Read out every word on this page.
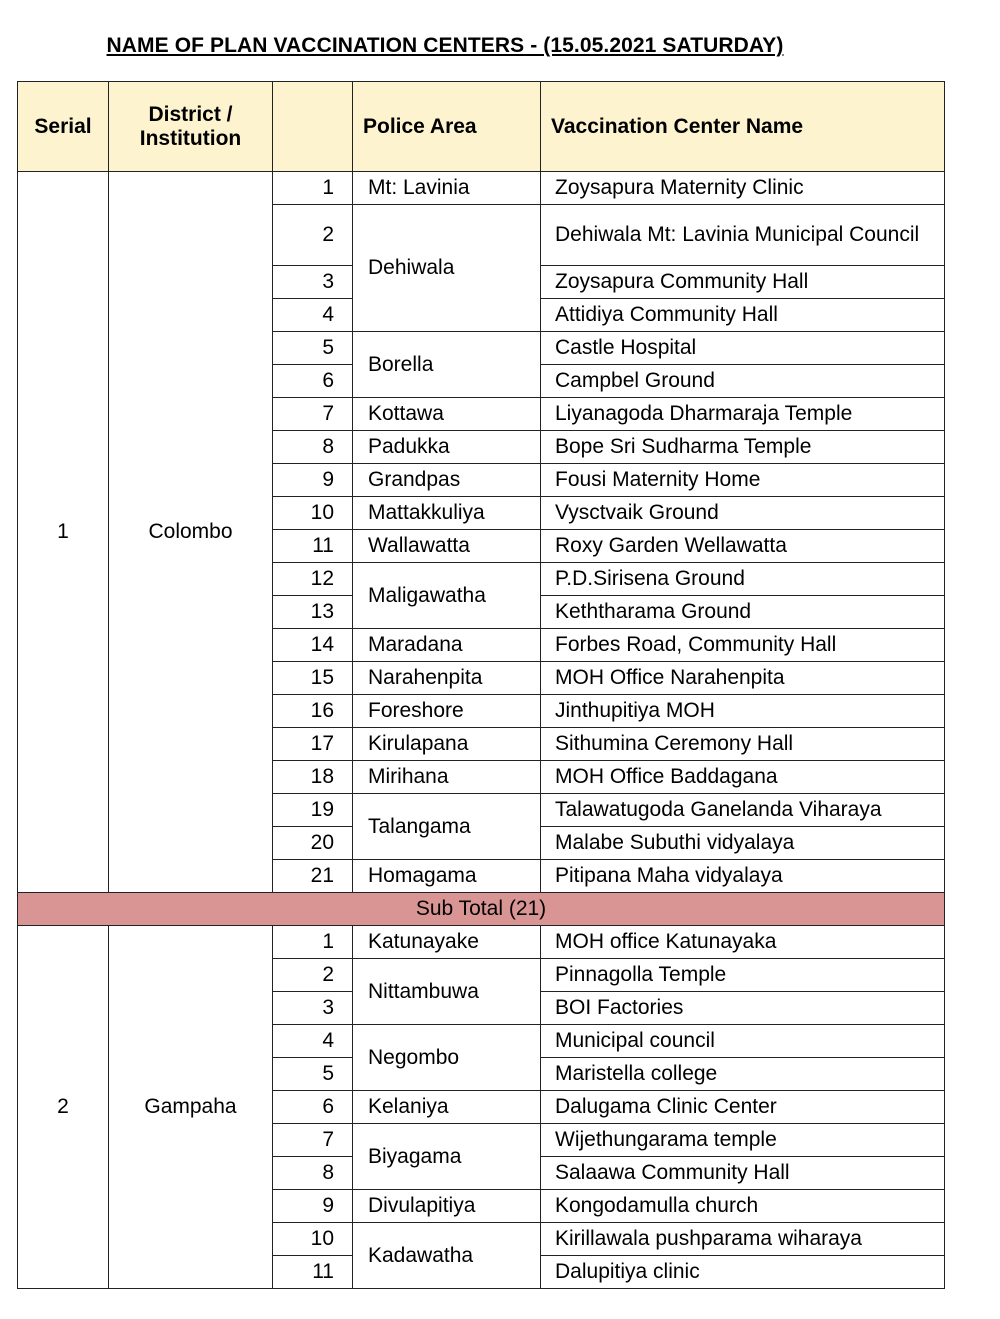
NAME OF PLAN VACCINATION CENTERS - (15.05.2021 SATURDAY)
Serial	District / Institution		Police Area	Vaccination Center Name
1	Colombo	1	Mt: Lavinia	Zoysapura Maternity Clinic
		2	Dehiwala	Dehiwala Mt: Lavinia Municipal Council
		3		Zoysapura Community Hall
		4		Attidiya Community Hall
		5	Borella	Castle Hospital
		6		Campbel Ground
		7	Kottawa	Liyanagoda Dharmaraja Temple
		8	Padukka	Bope Sri Sudharma Temple
		9	Grandpas	Fousi Maternity Home
		10	Mattakkuliya	Vysctvaik Ground
		11	Wallawatta	Roxy Garden Wellawatta
		12	Maligawatha	P.D.Sirisena Ground
		13		Keththarama Ground
		14	Maradana	Forbes Road, Community Hall
		15	Narahenpita	MOH Office Narahenpita
		16	Foreshore	Jinthupitiya MOH
		17	Kirulapana	Sithumina Ceremony Hall
		18	Mirihana	MOH Office Baddagana
		19	Talangama	Talawatugoda Ganelanda Viharaya
		20		Malabe Subuthi vidyalaya
		21	Homagama	Pitipana Maha vidyalaya
Sub Total (21)				
2	Gampaha	1	Katunayake	MOH office Katunayaka
		2	Nittambuwa	Pinnagolla Temple
		3		BOI Factories
		4	Negombo	Municipal council
		5		Maristella college
		6	Kelaniya	Dalugama Clinic Center
		7	Biyagama	Wijethungarama temple
		8		Salaawa Community Hall
		9	Divulapitiya	Kongodamulla church
		10	Kadawatha	Kirillawala pushparama wiharaya
		11		Dalupitiya clinic
